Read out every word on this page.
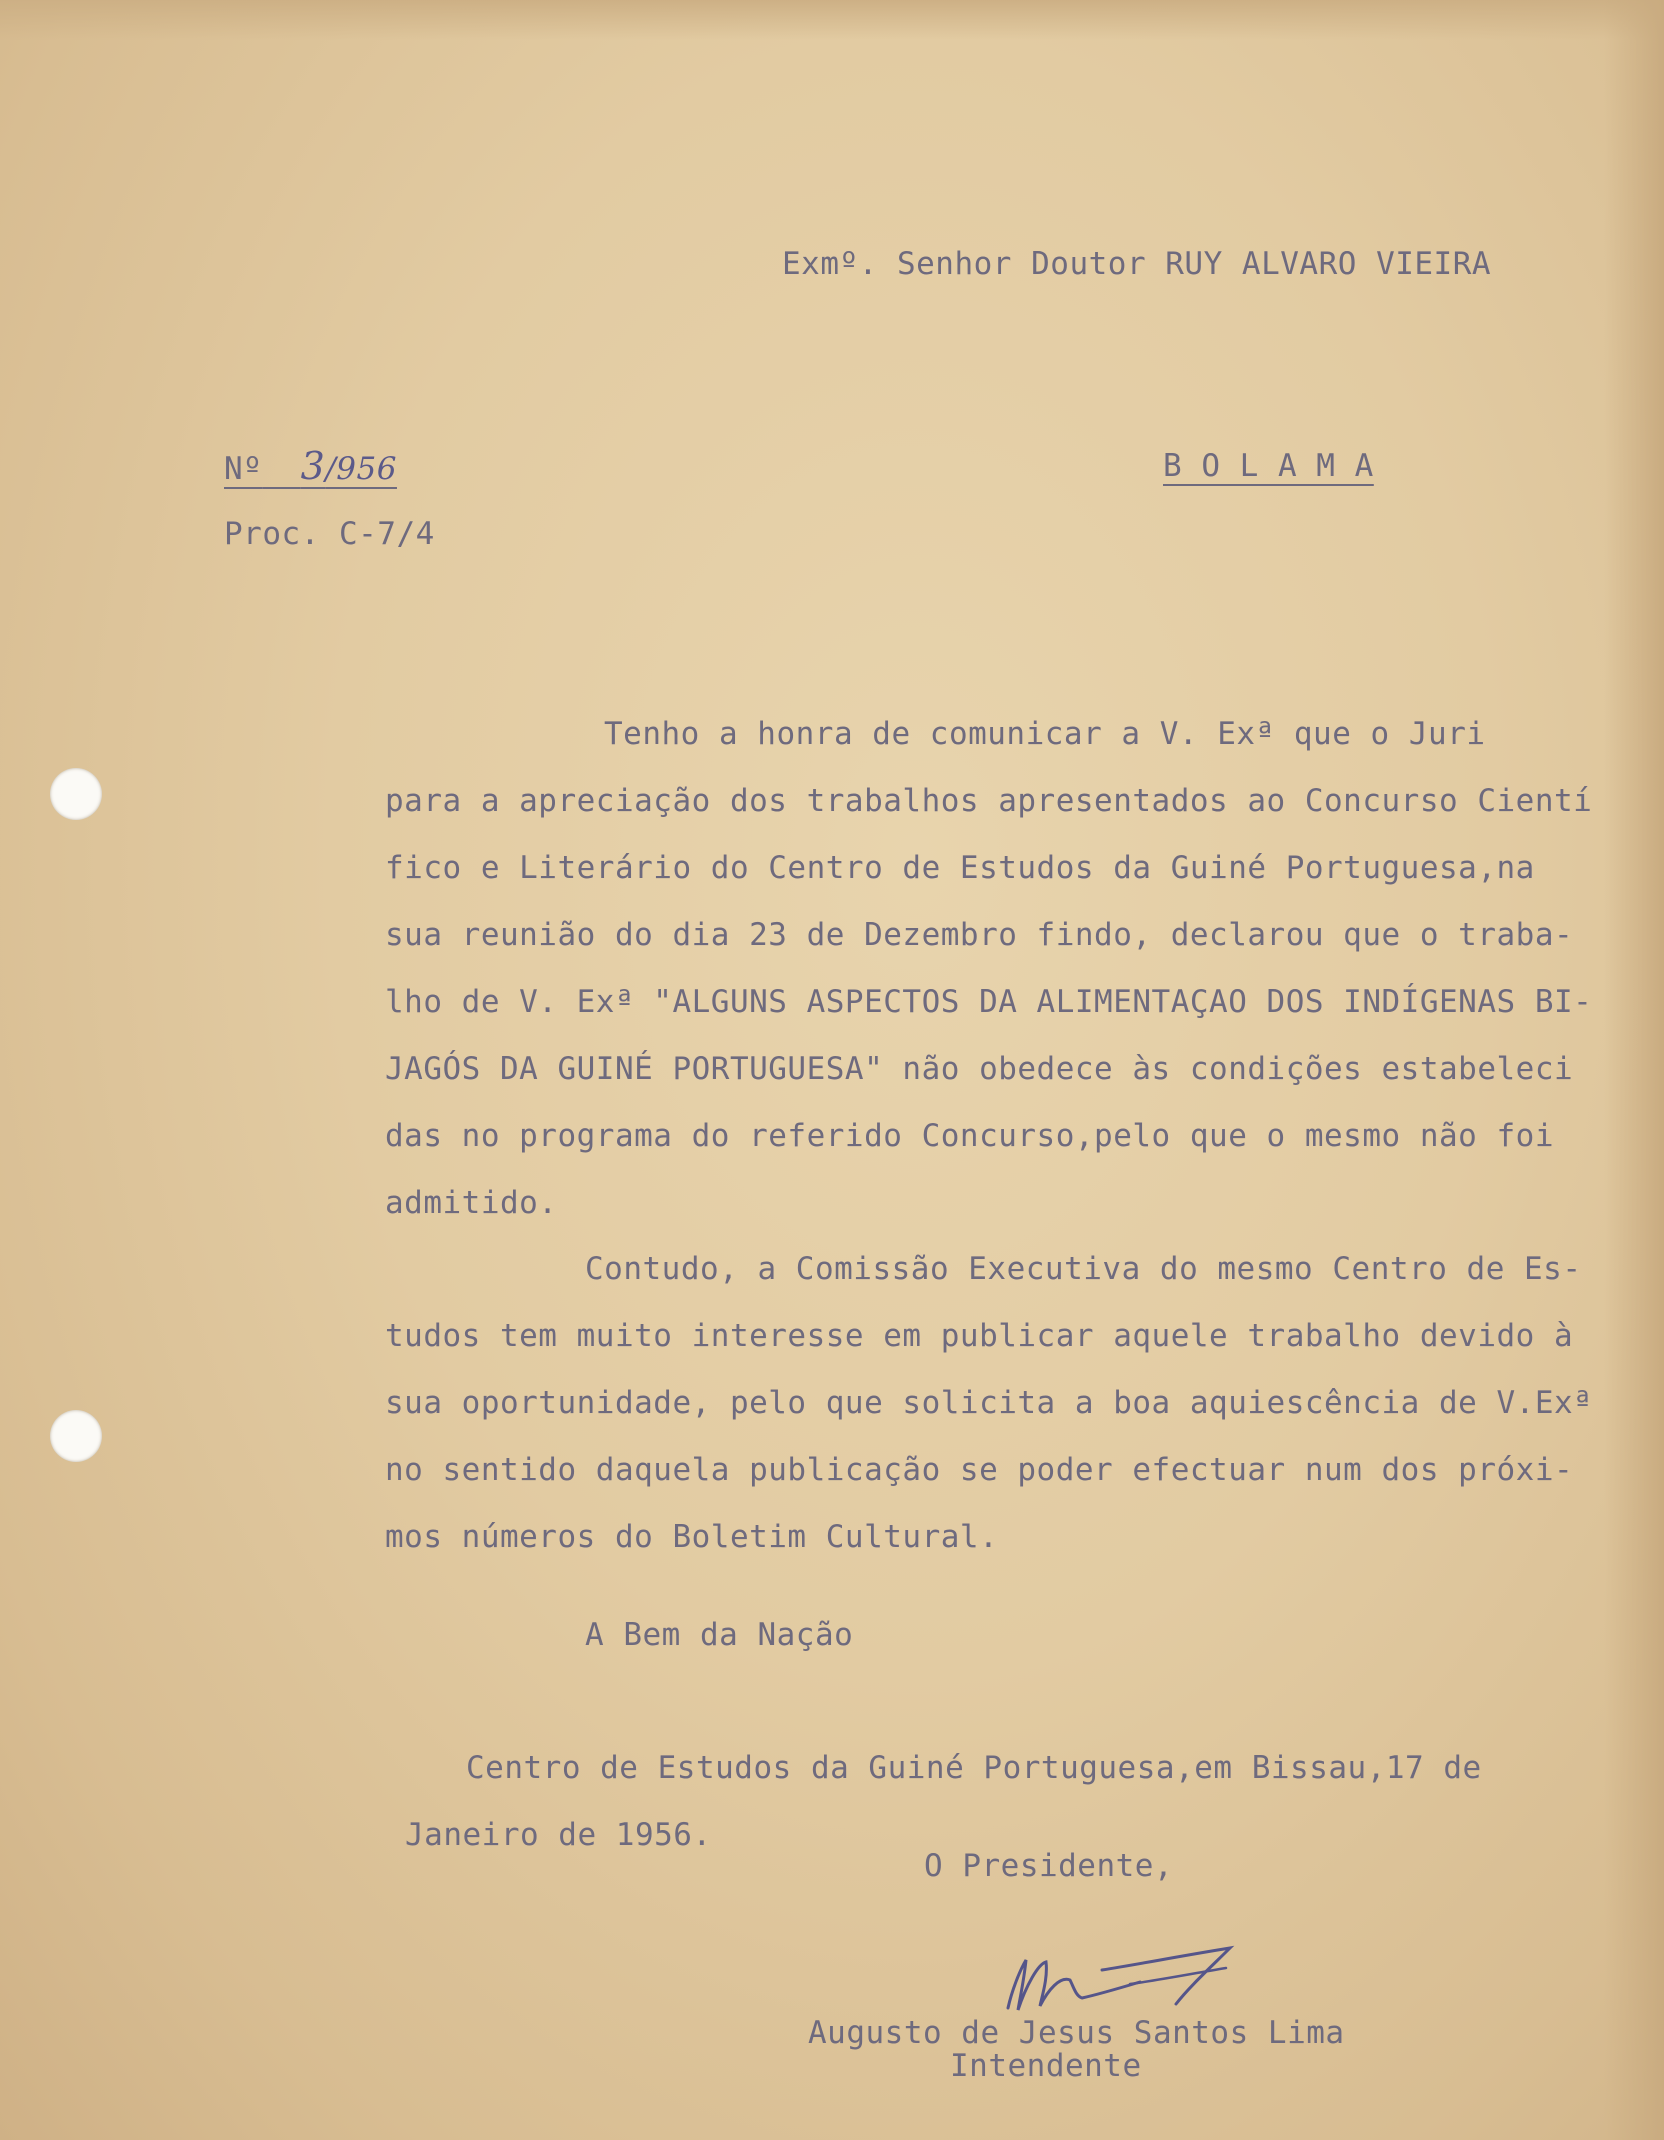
Exmº. Senhor Doutor RUY ALVARO VIEIRA
Nº 3/956	B O L A M A
Proc. C-7/4
Tenho a honra de comunicar a V. Exª que o Juri
para a apreciação dos trabalhos apresentados ao Concurso Cientí
fico e Literário do Centro de Estudos da Guiné Portuguesa,na
sua reunião do dia 23 de Dezembro findo, declarou que o traba-
lho de V. Exª "ALGUNS ASPECTOS DA ALIMENTAÇAO DOS INDÍGENAS BI-
JAGÓS DA GUINÉ PORTUGUESA" não obedece às condições estabeleci
das no programa do referido Concurso,pelo que o mesmo não foi
admitido.
Contudo, a Comissão Executiva do mesmo Centro de Es-
tudos tem muito interesse em publicar aquele trabalho devido à
sua oportunidade, pelo que solicita a boa aquiescência de V.Exª
no sentido daquela publicação se poder efectuar num dos próxi-
mos números do Boletim Cultural.
A Bem da Nação
Centro de Estudos da Guiné Portuguesa,em Bissau,17 de
Janeiro de 1956.
O Presidente,
Augusto de Jesus Santos Lima
Intendente
